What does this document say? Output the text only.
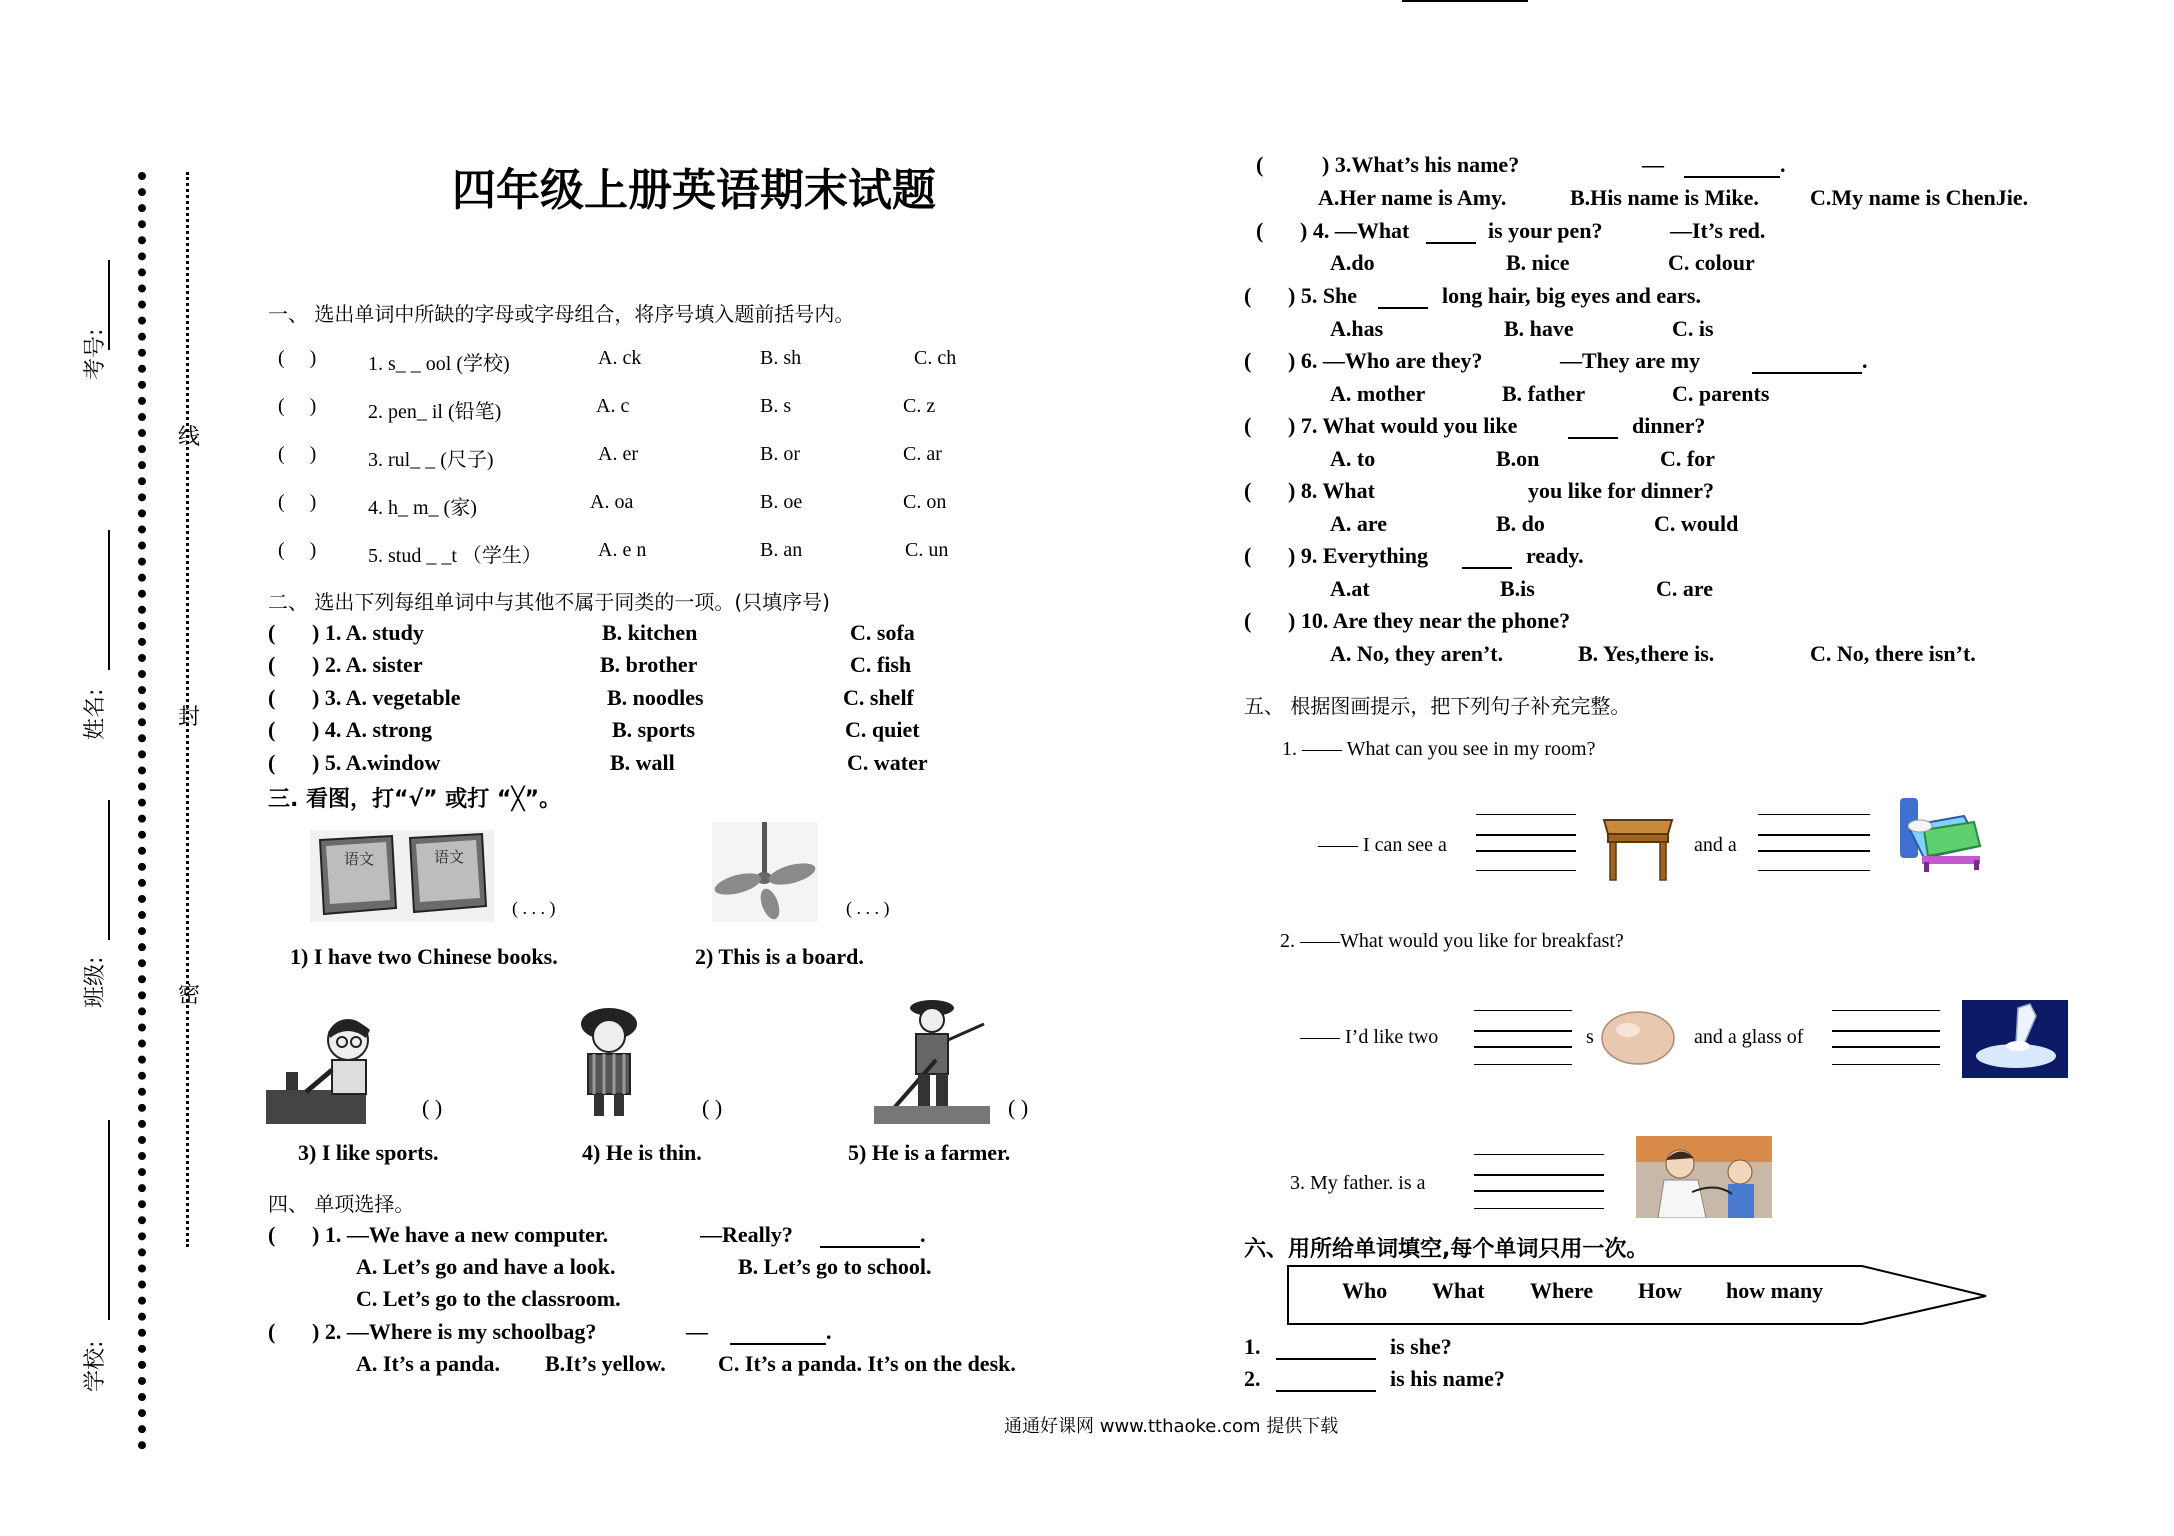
考号:
姓名:
班级:
学校:
线
封
密
四年级上册英语期末试题
一、 选出单词中所缺的字母或字母组合，将序号填入题前括号内。
(     )	1. s_ _ ool (学校)	A. ck	B. sh	C. ch
(     )	2. pen_ il (铅笔)	A. c	B. s	C. z
(     )	3. rul_ _ (尺子)	A. er	B. or	C. ar
(     )	4. h_ m_ (家)	A. oa	B. oe	C. on
(     )	5. stud _ _t （学生）	A. e n	B. an	C. un
二、 选出下列每组单词中与其他不属于同类的一项。(只填序号)
( ) 1. A. study	B. kitchen	C. sofa
( ) 2. A. sister	B. brother	C. fish
( ) 3. A. vegetable	B. noodles	C. shelf
( ) 4. A. strong	B. sports	C. quiet
( ) 5. A.window	B. wall	C. water
三. 看图，打“√” 或打 “╳”。
语文	语文
( . . . )	( . . . )
1) I have two Chinese books.	2) This is a board.
( )	( )	( )
3) I like sports.	4) He is thin.	5) He is a farmer.
四、 单项选择。
( ) 1. —We have a new computer.	—Really?	.
A. Let’s go and have a look.	B. Let’s go to school.
C. Let’s go to the classroom.
( ) 2. —Where is my schoolbag?	—	.
A. It’s a panda. B.It’s yellow. C. It’s a panda. It’s on the desk.
(	) 3.What’s his name?	—	.
A.Her name is Amy.	B.His name is Mike. C.My name is ChenJie.
( ) 4. —What	is your pen?	—It’s red.
A.do	B. nice	C. colour
( ) 5. She	long hair, big eyes and ears.
A.has	B. have	C. is
( ) 6. —Who are they?	—They are my	.
A. mother	B. father	C. parents
( ) 7. What would you like	dinner?
A. to	B.on	C. for
( ) 8. What	you like for dinner?
A. are	B. do	C. would
( ) 9. Everything	ready.
A.at	B.is	C. are
( ) 10. Are they near the phone?
A. No, they aren’t.	B. Yes,there is.	C. No, there isn’t.
五、 根据图画提示，把下列句子补充完整。
1. —— What can you see in my room?
—— I can see a	and a
2. ——What would you like for breakfast?
—— I’d like two	s	and a glass of
3. My father. is a
六、用所给单词填空,每个单词只用一次。
Who What Where How how many
1.	is she?
2.	is his name?
通通好课网 www.tthaoke.com 提供下载
